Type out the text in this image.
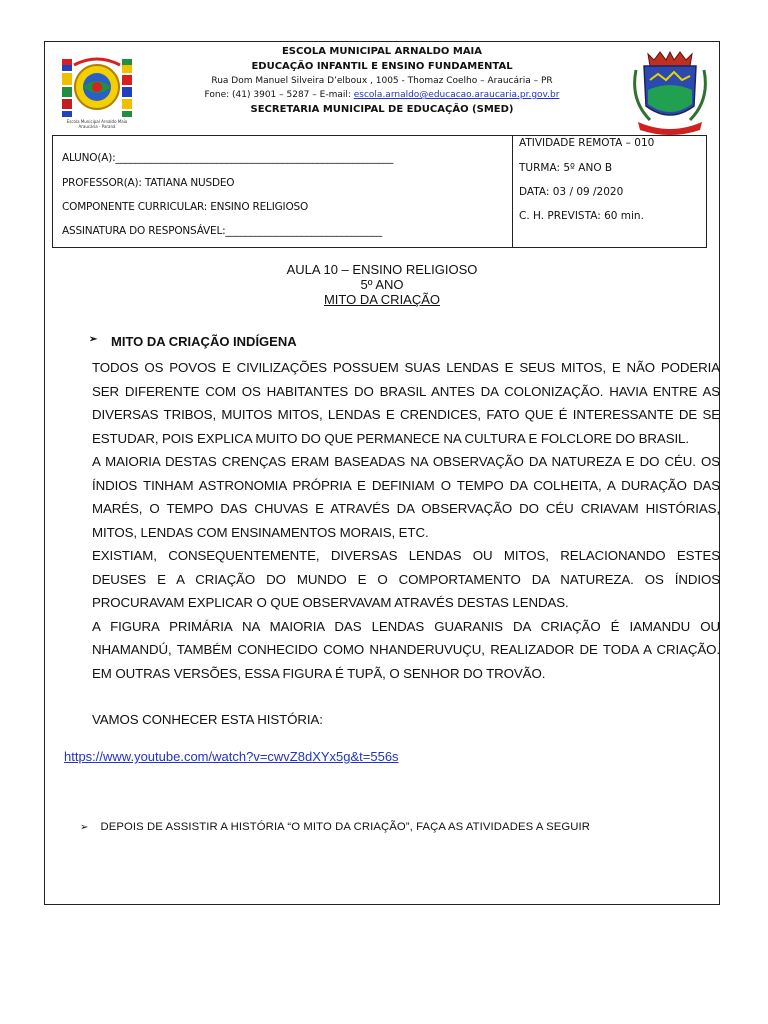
Escola Municipal Arnaldo Maia
Araucária - Paraná
ESCOLA MUNICIPAL ARNALDO MAIA
EDUCAÇÃO INFANTIL E ENSINO FUNDAMENTAL
Rua Dom Manuel Silveira D’elboux , 1005 - Thomaz Coelho – Araucária – PR
Fone: (41) 3901 – 5287 – E-mail: escola.arnaldo@educacao.araucaria.pr.gov.br
SECRETARIA MUNICIPAL DE EDUCAÇÃO (SMED)
ALUNO(A):_______________________________________________________
PROFESSOR(A): TATIANA NUSDEO
COMPONENTE CURRICULAR: ENSINO RELIGIOSO
ASSINATURA DO RESPONSÁVEL:_______________________________
ATIVIDADE REMOTA – 010
TURMA: 5º ANO B
DATA: 03 / 09 /2020
C. H. PREVISTA: 60 min.
AULA 10 – ENSINO RELIGIOSO
5º ANO
MITO DA CRIAÇÃO
➢ MITO DA CRIAÇÃO INDÍGENA

TODOS OS POVOS E CIVILIZAÇÕES POSSUEM SUAS LENDAS E SEUS MITOS, E NÃO PODERIA SER DIFERENTE COM OS HABITANTES DO BRASIL ANTES DA COLONIZAÇÃO. HAVIA ENTRE AS DIVERSAS TRIBOS, MUITOS MITOS, LENDAS E CRENDICES, FATO QUE É INTERESSANTE DE SE ESTUDAR, POIS EXPLICA MUITO DO QUE PERMANECE NA CULTURA E FOLCLORE DO BRASIL.

A MAIORIA DESTAS CRENÇAS ERAM BASEADAS NA OBSERVAÇÃO DA NATUREZA E DO CÉU. OS ÍNDIOS TINHAM ASTRONOMIA PRÓPRIA E DEFINIAM O TEMPO DA COLHEITA, A DURAÇÃO DAS MARÉS, O TEMPO DAS CHUVAS E ATRAVÉS DA OBSERVAÇÃO DO CÉU CRIAVAM HISTÓRIAS, MITOS, LENDAS COM ENSINAMENTOS MORAIS, ETC.

EXISTIAM, CONSEQUENTEMENTE, DIVERSAS LENDAS OU MITOS, RELACIONANDO ESTES DEUSES E A CRIAÇÃO DO MUNDO E O COMPORTAMENTO DA NATUREZA. OS ÍNDIOS PROCURAVAM EXPLICAR O QUE OBSERVAVAM ATRAVÉS DESTAS LENDAS.

A FIGURA PRIMÁRIA NA MAIORIA DAS LENDAS GUARANIS DA CRIAÇÃO É IAMANDU OU NHAMANDÚ, TAMBÉM CONHECIDO COMO NHANDERUVUÇU, REALIZADOR DE TODA A CRIAÇÃO. EM OUTRAS VERSÕES, ESSA FIGURA É TUPÃ, O SENHOR DO TROVÃO.

VAMOS CONHECER ESTA HISTÓRIA:

https://www.youtube.com/watch?v=cwvZ8dXYx5g&t=556s
➢ DEPOIS DE ASSISTIR A HISTÓRIA “O MITO DA CRIAÇÃO”, FAÇA AS ATIVIDADES A SEGUIR
